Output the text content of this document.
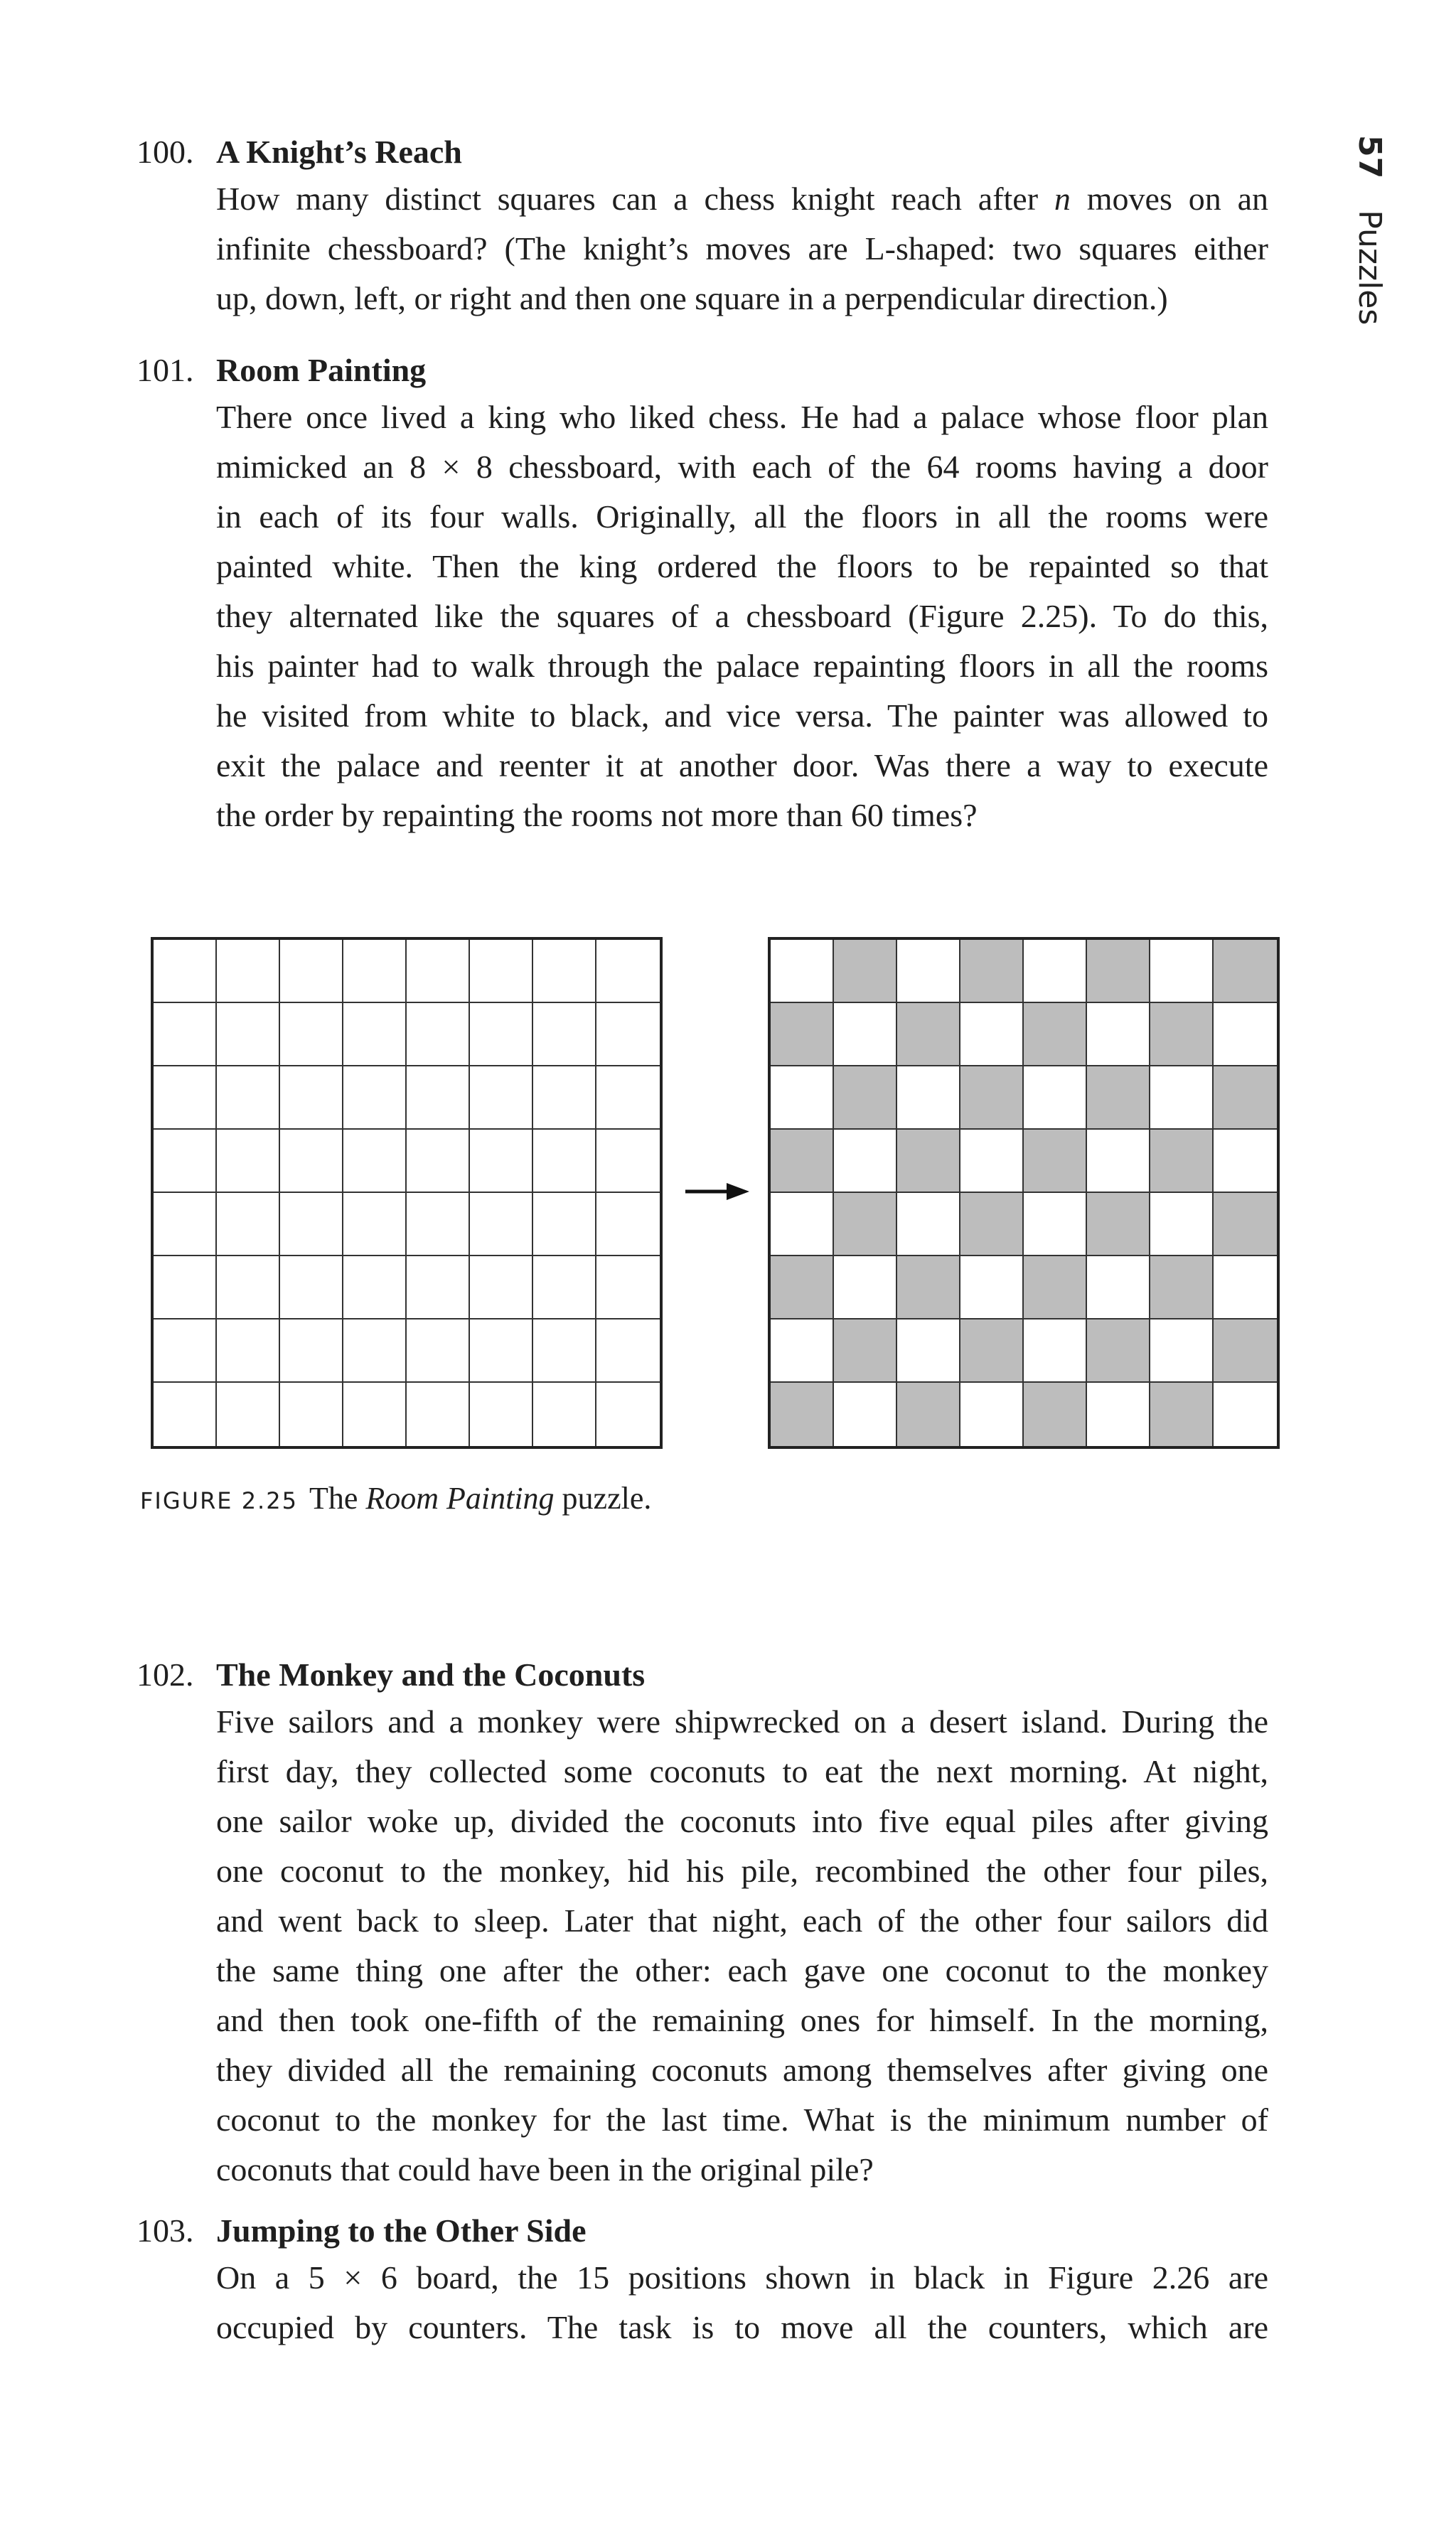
57 Puzzles
100. A Knight’s Reach
How many distinct squares can a chess knight reach after n moves on an
infinite chessboard? (The knight’s moves are L-shaped: two squares either
up, down, left, or right and then one square in a perpendicular direction.)
101. Room Painting
There once lived a king who liked chess. He had a palace whose floor plan
mimicked an 8 × 8 chessboard, with each of the 64 rooms having a door
in each of its four walls. Originally, all the floors in all the rooms were
painted white. Then the king ordered the floors to be repainted so that
they alternated like the squares of a chessboard (Figure 2.25). To do this,
his painter had to walk through the palace repainting floors in all the rooms
he visited from white to black, and vice versa. The painter was allowed to
exit the palace and reenter it at another door. Was there a way to execute
the order by repainting the rooms not more than 60 times?
FIGURE 2.25 The Room Painting puzzle.
102. The Monkey and the Coconuts
Five sailors and a monkey were shipwrecked on a desert island. During the
first day, they collected some coconuts to eat the next morning. At night,
one sailor woke up, divided the coconuts into five equal piles after giving
one coconut to the monkey, hid his pile, recombined the other four piles,
and went back to sleep. Later that night, each of the other four sailors did
the same thing one after the other: each gave one coconut to the monkey
and then took one-fifth of the remaining ones for himself. In the morning,
they divided all the remaining coconuts among themselves after giving one
coconut to the monkey for the last time. What is the minimum number of
coconuts that could have been in the original pile?
103. Jumping to the Other Side
On a 5 × 6 board, the 15 positions shown in black in Figure 2.26 are
occupied by counters. The task is to move all the counters, which are
